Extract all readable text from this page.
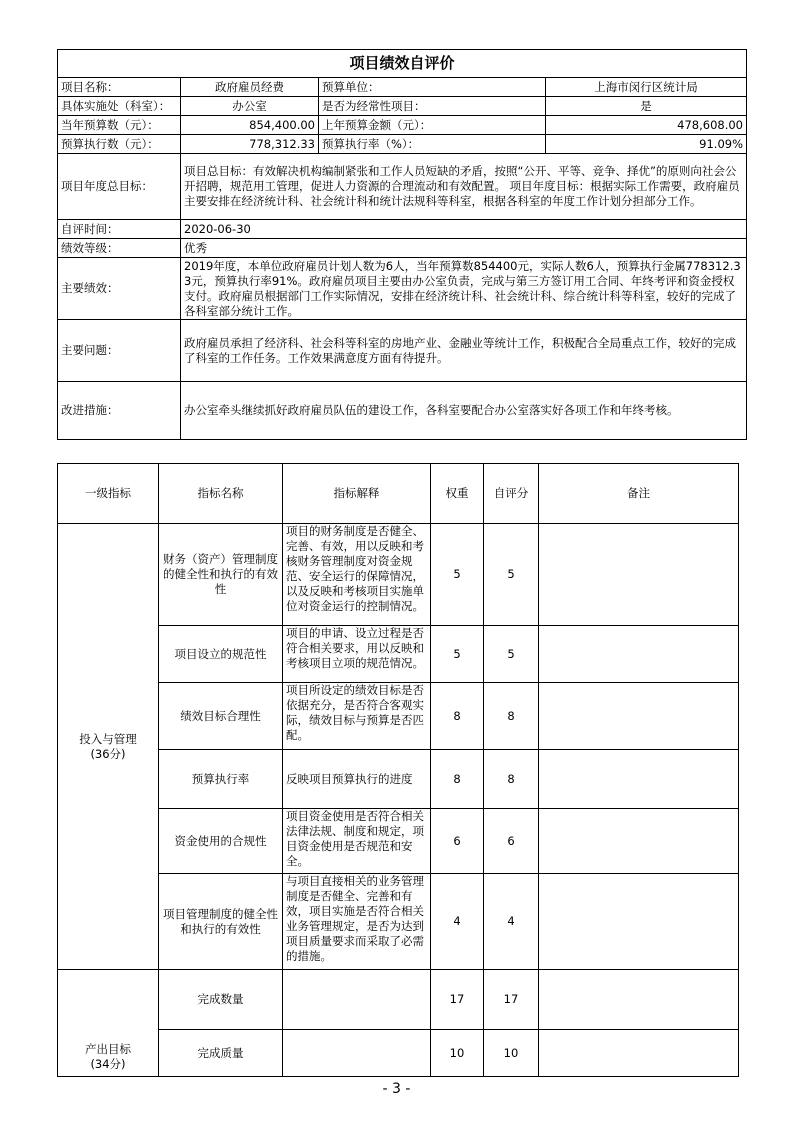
项目绩效自评价			
项目名称：	政府雇员经费	预算单位：	上海市闵行区统计局
具体实施处（科室）：	办公室	是否为经常性项目：	是
当年预算数（元）：	854,400.00	上年预算金额（元）：	478,608.00
预算执行数（元）：	778,312.33	预算执行率（%）：	91.09%
项目年度总目标：	项目总目标：有效解决机构编制紧张和工作人员短缺的矛盾，按照“公开、平等、竞争、择优”的原则向社会公开招聘，规范用工管理，促进人力资源的合理流动和有效配置。 项目年度目标：根据实际工作需要，政府雇员主要安排在经济统计科、社会统计科和统计法规科等科室，根据各科室的年度工作计划分担部分工作。		
自评时间：	2020-06-30		
绩效等级：	优秀		
主要绩效：	2019年度，本单位政府雇员计划人数为6人，当年预算数854400元，实际人数6人，预算执行金属778312.33元，预算执行率91%。政府雇员项目主要由办公室负责，完成与第三方签订用工合同、年终考评和资金授权支付。政府雇员根据部门工作实际情况，安排在经济统计科、社会统计科、综合统计科等科室，较好的完成了各科室部分统计工作。		
主要问题：	政府雇员承担了经济科、社会科等科室的房地产业、金融业等统计工作，积极配合全局重点工作，较好的完成了科室的工作任务。工作效果满意度方面有待提升。		
改进措施：	办公室牵头继续抓好政府雇员队伍的建设工作，各科室要配合办公室落实好各项工作和年终考核。		
一级指标	指标名称	指标解释	权重	自评分	备注
投入与管理
(36分)	财务（资产）管理制度的健全性和执行的有效性	项目的财务制度是否健全、完善、有效，用以反映和考核财务管理制度对资金规范、安全运行的保障情况，以及反映和考核项目实施单位对资金运行的控制情况。	5	5	
	项目设立的规范性	项目的申请、设立过程是否符合相关要求，用以反映和考核项目立项的规范情况。	5	5	
	绩效目标合理性	项目所设定的绩效目标是否依据充分，是否符合客观实际，绩效目标与预算是否匹配。	8	8	
	预算执行率	反映项目预算执行的进度	8	8	
	资金使用的合规性	项目资金使用是否符合相关法律法规、制度和规定，项目资金使用是否规范和安全。	6	6	
	项目管理制度的健全性和执行的有效性	与项目直接相关的业务管理制度是否健全、完善和有效，项目实施是否符合相关业务管理规定，是否为达到项目质量要求而采取了必需的措施。	4	4	
产出目标
(34分)	完成数量		17	17	
	完成质量		10	10	
- 3 -
